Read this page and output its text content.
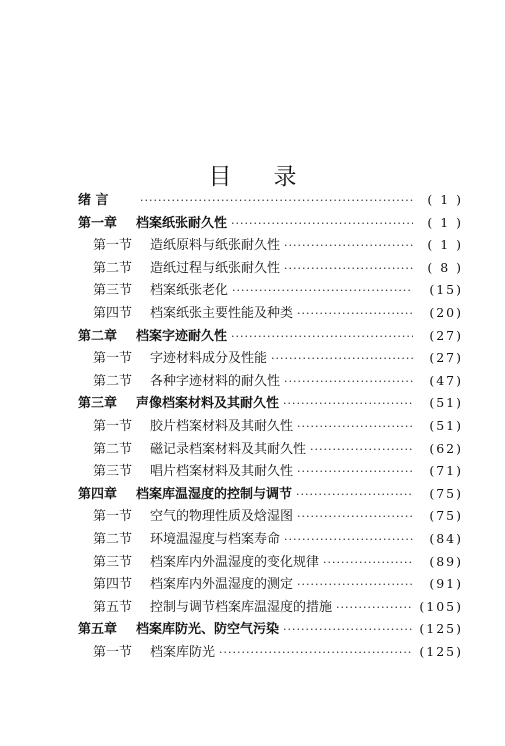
目 录
绪 言 ·····	( 1 )
第一章	档案纸张耐久性 ·····	( 1 )
第一节	造纸原料与纸张耐久性 ·····	( 1 )
第二节	造纸过程与纸张耐久性 ·····	( 8 )
第三节	档案纸张老化 ·····	(15)
第四节	档案纸张主要性能及种类 ·····	(20)
第二章	档案字迹耐久性 ·····	(27)
第一节	字迹材料成分及性能 ·····	(27)
第二节	各种字迹材料的耐久性 ·····	(47)
第三章	声像档案材料及其耐久性 ·····	(51)
第一节	胶片档案材料及其耐久性 ·····	(51)
第二节	磁记录档案材料及其耐久性 ·····	(62)
第三节	唱片档案材料及其耐久性 ·····	(71)
第四章	档案库温湿度的控制与调节 ·····	(75)
第一节	空气的物理性质及焓湿图 ·····	(75)
第二节	环境温湿度与档案寿命 ·····	(84)
第三节	档案库内外温湿度的变化规律 ·····	(89)
第四节	档案库内外温湿度的测定 ·····	(91)
第五节	控制与调节档案库温湿度的措施 ·····	(105)
第五章	档案库防光、防空气污染 ·····	(125)
第一节	档案库防光 ·····	(125)
